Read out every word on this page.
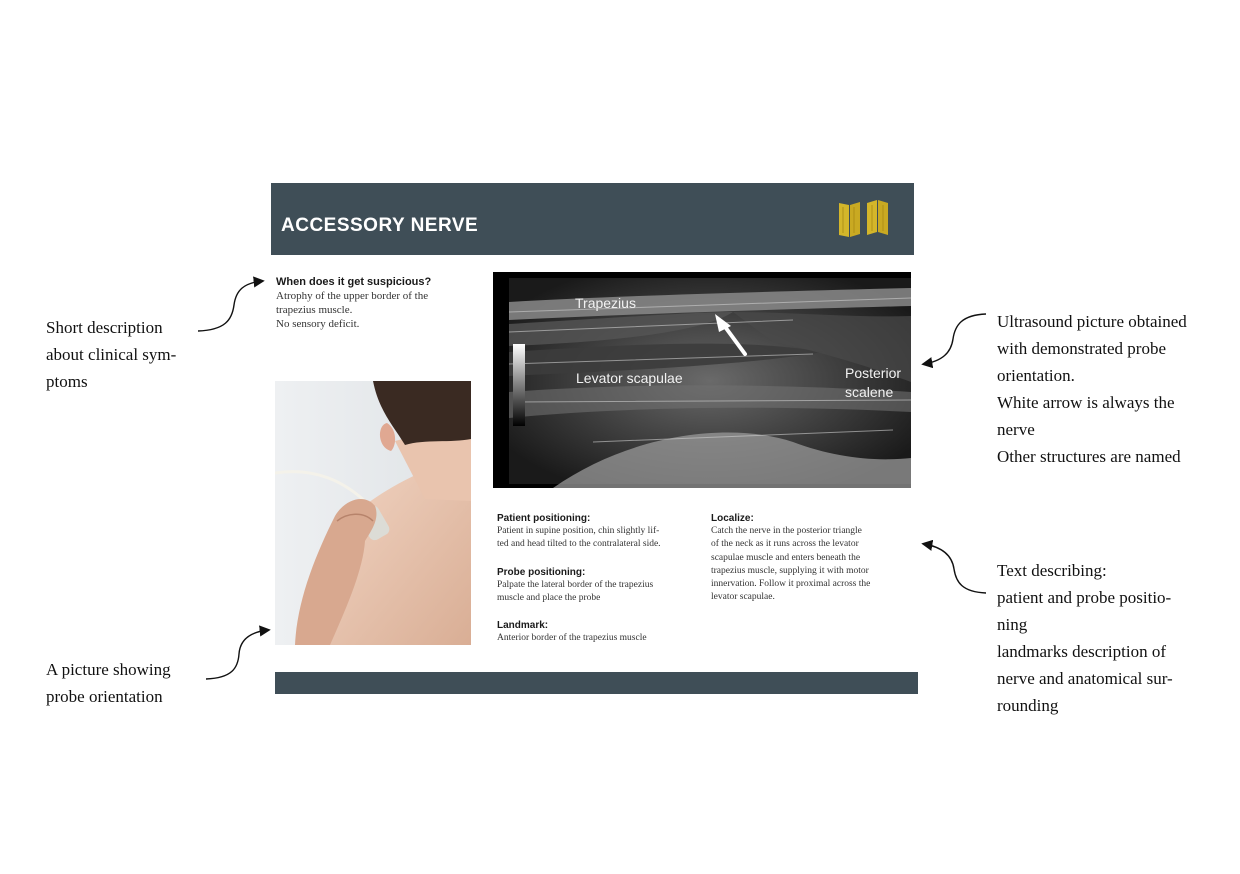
Short description
about clinical sym-
ptoms
A picture showing
probe orientation
Ultrasound picture obtained
with demonstrated probe
orientation.
White arrow is always the
nerve
Other structures are named
Text describing:
patient and probe positio-
ning
landmarks description of
nerve and anatomical sur-
rounding
ACCESSORY NERVE
When does it get suspicious?
Atrophy of the upper border of the
trapezius muscle.
No sensory deficit.
Trapezius
Levator scapulae	Posterior
scalene
Patient positioning:
Patient in supine position, chin slightly lif-
ted and head tilted to the contralateral side.
Probe positioning:
Palpate the lateral border of the trapezius
muscle and place the probe
Landmark:
Anterior border of the trapezius muscle
Localize:
Catch the nerve in the posterior triangle
of the neck as it runs across the levator
scapulae muscle and enters beneath the
trapezius muscle, supplying it with motor
innervation. Follow it proximal across the
levator scapulae.
